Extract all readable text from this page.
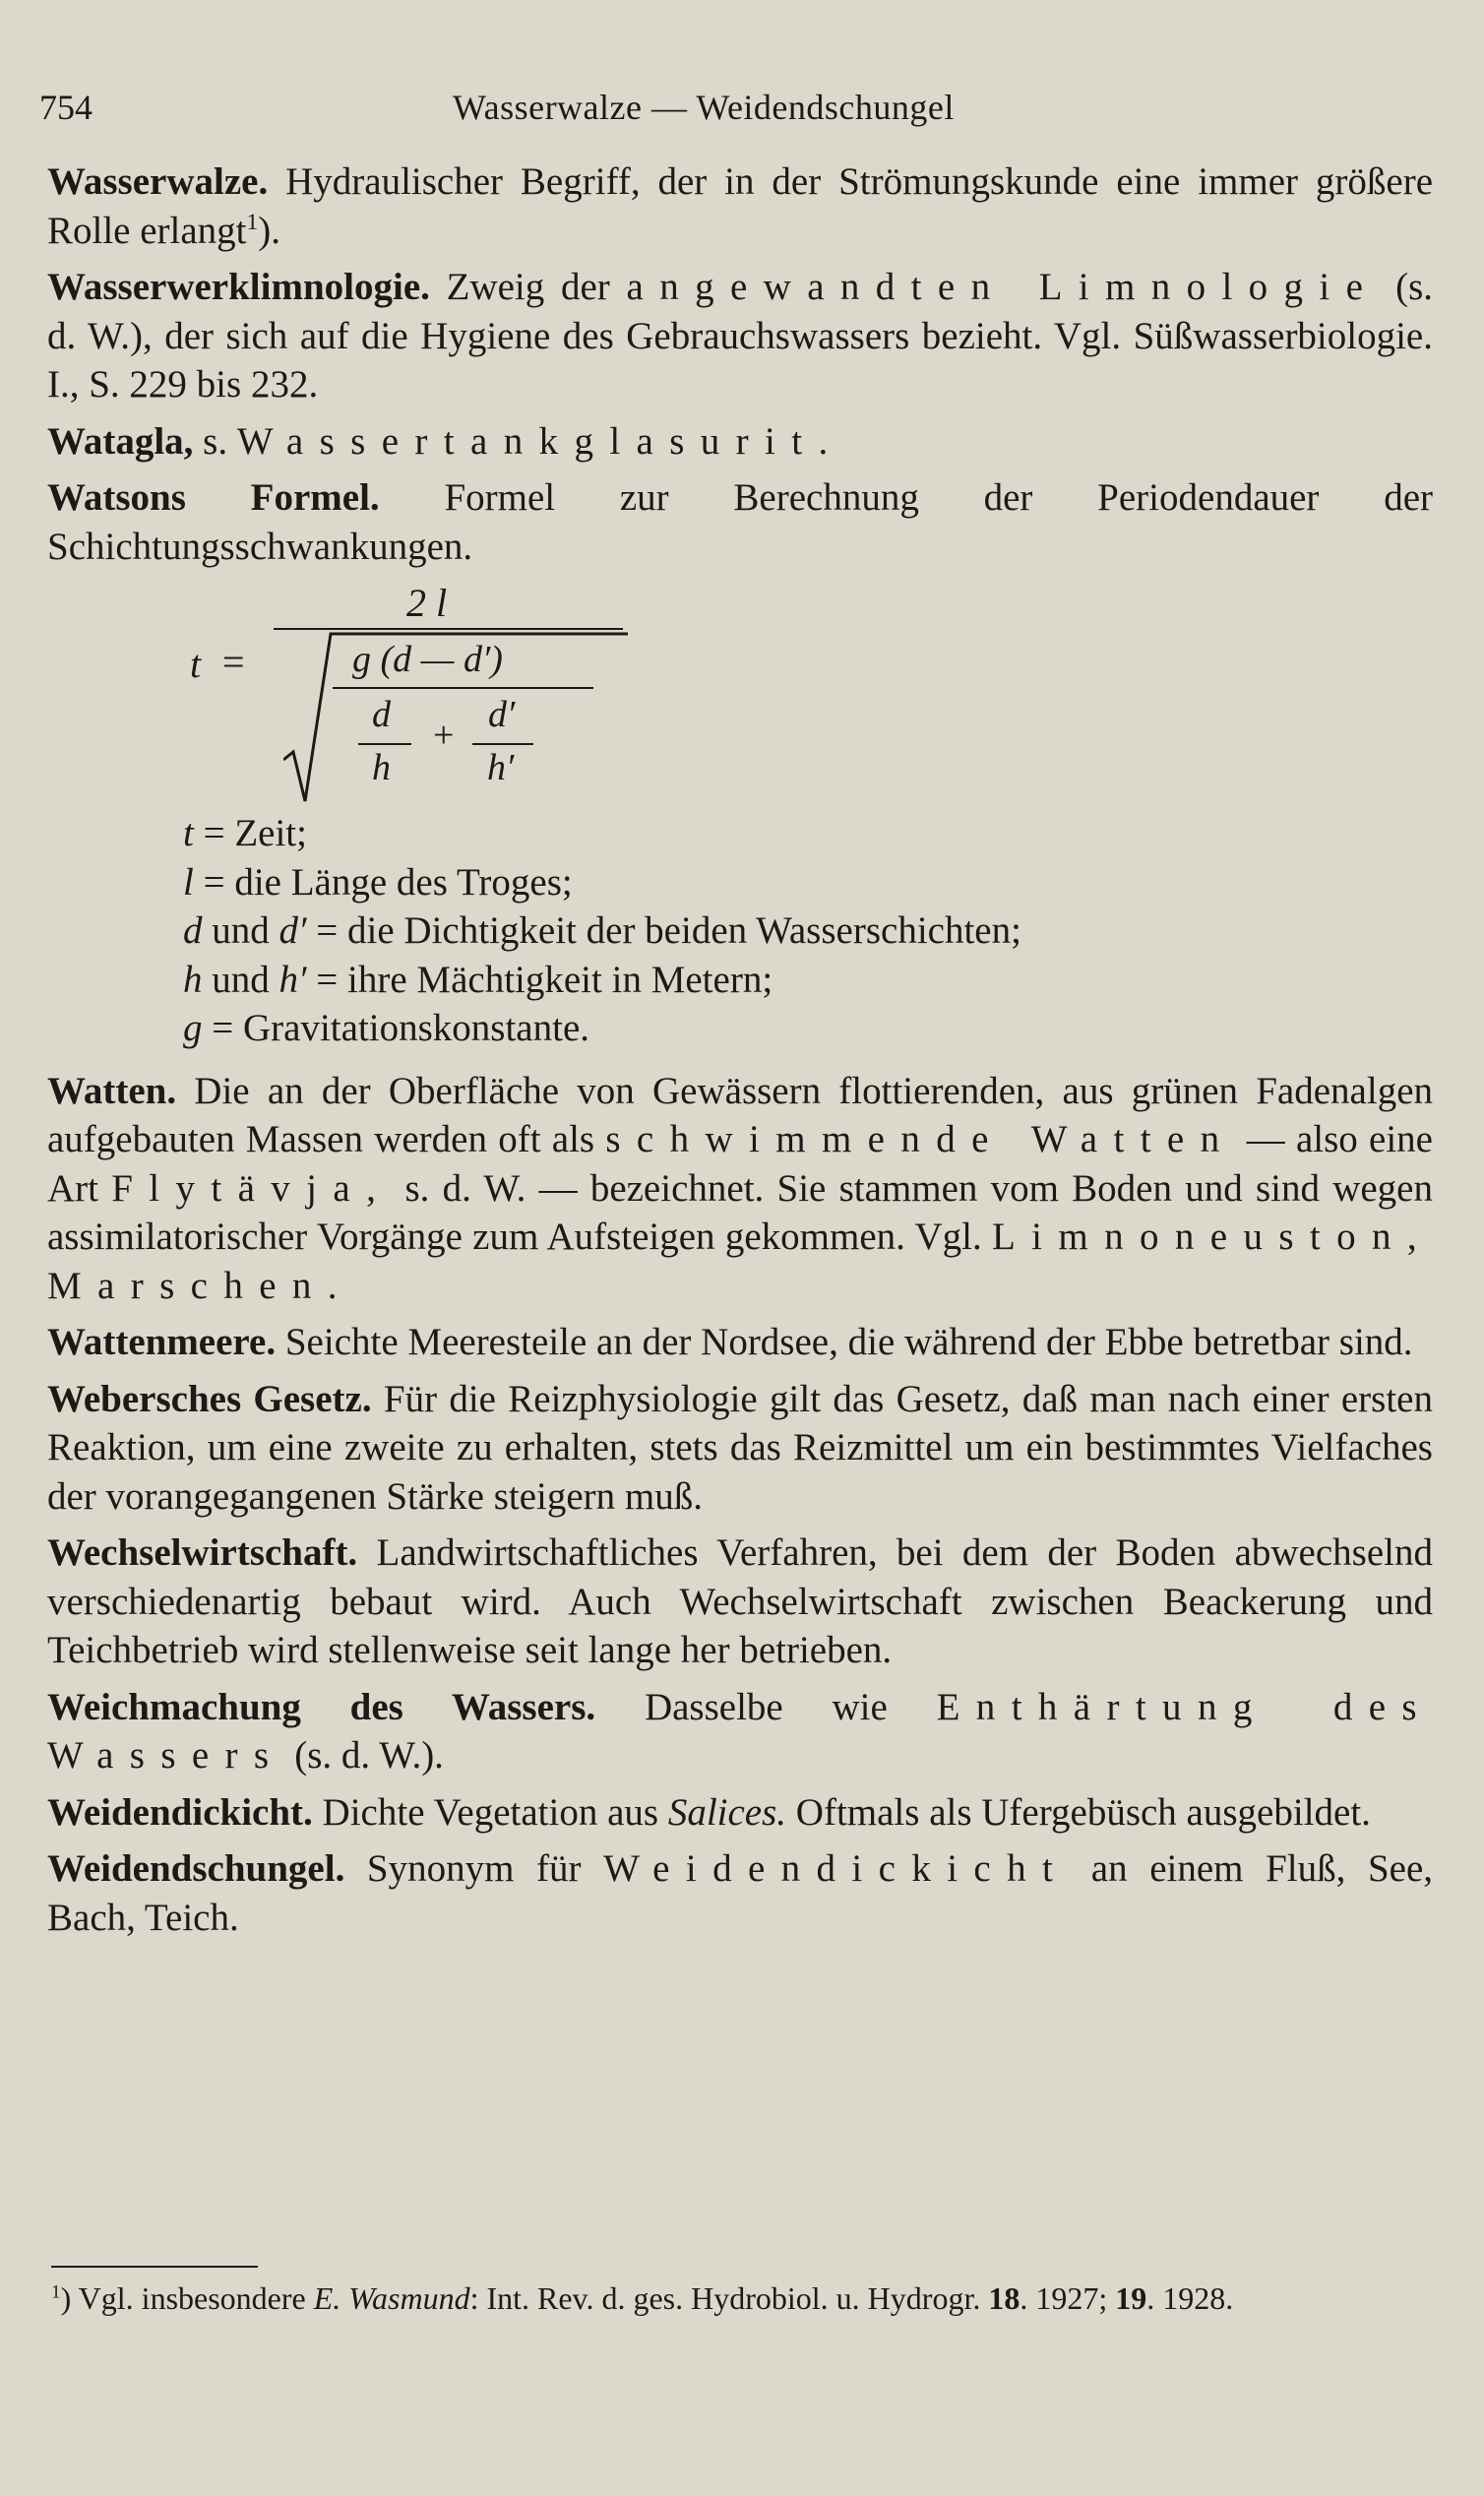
754	Wasserwalze — Weidendschungel

Wasserwalze. Hydraulischer Begriff, der in der Strömungskunde eine immer größere Rolle erlangt$^1$).

Wasserwerklimnologie. Zweig der angewandten Limnologie (s. d. W.), der sich auf die Hygiene des Gebrauchswassers bezieht. Vgl. Süßwasserbiologie. I., S. 229 bis 232.

Watagla, s. Wassertankglasurit.

Watsons Formel. Formel zur Berechnung der Periodendauer der Schichtungsschwankungen.

t =
2 l
g (d — d′)
d + d′
h	h′
t = Zeit;
l = die Länge des Troges;
d und d′ = die Dichtigkeit der beiden Wasserschichten;
h und h′ = ihre Mächtigkeit in Metern;
g = Gravitationskonstante.

Watten. Die an der Oberfläche von Gewässern flottierenden, aus grünen Fadenalgen aufgebauten Massen werden oft als schwimmende Watten — also eine Art Flytävja, s. d. W. — bezeichnet. Sie stammen vom Boden und sind wegen assimilatorischer Vorgänge zum Aufsteigen gekommen. Vgl. Limnoneuston, Marschen.

Wattenmeere. Seichte Meeresteile an der Nordsee, die während der Ebbe betretbar sind.

Webersches Gesetz. Für die Reizphysiologie gilt das Gesetz, daß man nach einer ersten Reaktion, um eine zweite zu erhalten, stets das Reizmittel um ein bestimmtes Vielfaches der vorangegangenen Stärke steigern muß.

Wechselwirtschaft. Landwirtschaftliches Verfahren, bei dem der Boden abwechselnd verschiedenartig bebaut wird. Auch Wechselwirtschaft zwischen Beackerung und Teichbetrieb wird stellenweise seit lange her betrieben.

Weichmachung des Wassers. Dasselbe wie Enthärtung des Wassers (s. d. W.).

Weidendickicht. Dichte Vegetation aus Salices. Oftmals als Ufergebüsch ausgebildet.

Weidendschungel. Synonym für Weidendickicht an einem Fluß, See, Bach, Teich.

$^1$) Vgl. insbesondere E. Wasmund: Int. Rev. d. ges. Hydrobiol. u. Hydrogr. 18. 1927; 19. 1928.
